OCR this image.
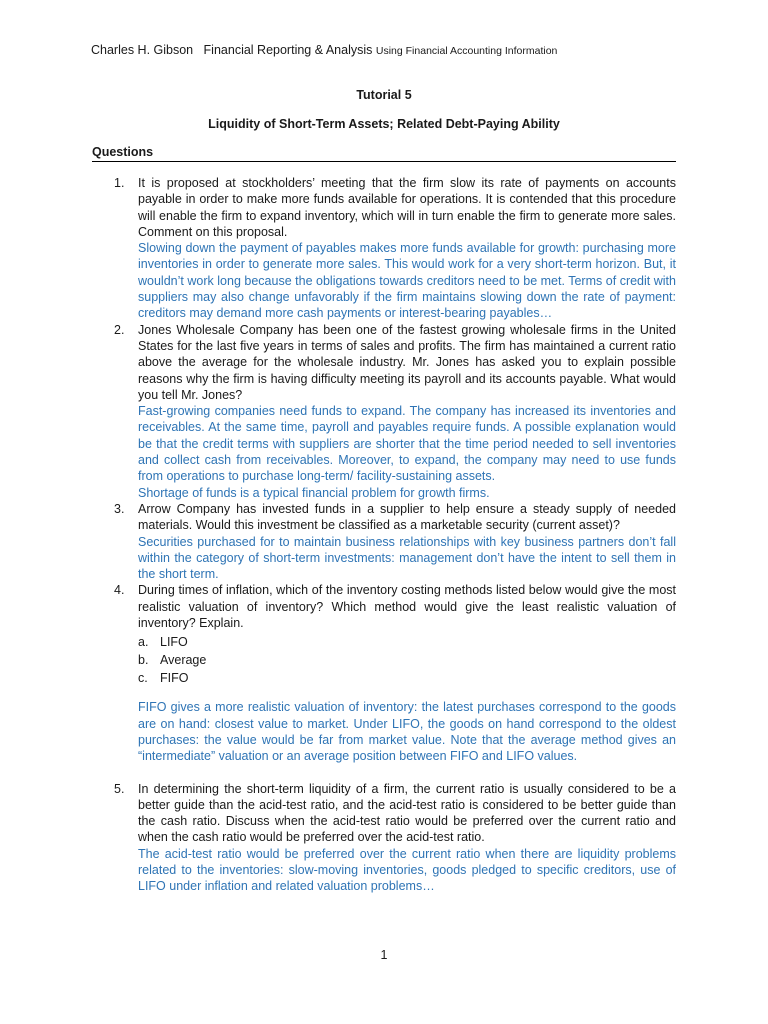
Charles H. Gibson Financial Reporting & Analysis Using Financial Accounting Information
Tutorial 5
Liquidity of Short-Term Assets; Related Debt-Paying Ability
Questions
1. It is proposed at stockholders’ meeting that the firm slow its rate of payments on accounts payable in order to make more funds available for operations. It is contended that this procedure will enable the firm to expand inventory, which will in turn enable the firm to generate more sales. Comment on this proposal.
Slowing down the payment of payables makes more funds available for growth: purchasing more inventories in order to generate more sales. This would work for a very short-term horizon. But, it wouldn’t work long because the obligations towards creditors need to be met. Terms of credit with suppliers may also change unfavorably if the firm maintains slowing down the rate of payment: creditors may demand more cash payments or interest-bearing payables…
2. Jones Wholesale Company has been one of the fastest growing wholesale firms in the United States for the last five years in terms of sales and profits. The firm has maintained a current ratio above the average for the wholesale industry. Mr. Jones has asked you to explain possible reasons why the firm is having difficulty meeting its payroll and its accounts payable. What would you tell Mr. Jones?
Fast-growing companies need funds to expand. The company has increased its inventories and receivables. At the same time, payroll and payables require funds. A possible explanation would be that the credit terms with suppliers are shorter that the time period needed to sell inventories and collect cash from receivables. Moreover, to expand, the company may need to use funds from operations to purchase long-term/ facility-sustaining assets.
Shortage of funds is a typical financial problem for growth firms.
3. Arrow Company has invested funds in a supplier to help ensure a steady supply of needed materials. Would this investment be classified as a marketable security (current asset)?
Securities purchased for to maintain business relationships with key business partners don’t fall within the category of short-term investments: management don’t have the intent to sell them in the short term.
4. During times of inflation, which of the inventory costing methods listed below would give the most realistic valuation of inventory? Which method would give the least realistic valuation of inventory? Explain.
a. LIFO
b. Average
c. FIFO
FIFO gives a more realistic valuation of inventory: the latest purchases correspond to the goods are on hand: closest value to market. Under LIFO, the goods on hand correspond to the oldest purchases: the value would be far from market value. Note that the average method gives an “intermediate” valuation or an average position between FIFO and LIFO values.
5. In determining the short-term liquidity of a firm, the current ratio is usually considered to be a better guide than the acid-test ratio, and the acid-test ratio is considered to be better guide than the cash ratio. Discuss when the acid-test ratio would be preferred over the current ratio and when the cash ratio would be preferred over the acid-test ratio.
The acid-test ratio would be preferred over the current ratio when there are liquidity problems related to the inventories: slow-moving inventories, goods pledged to specific creditors, use of LIFO under inflation and related valuation problems…
1
